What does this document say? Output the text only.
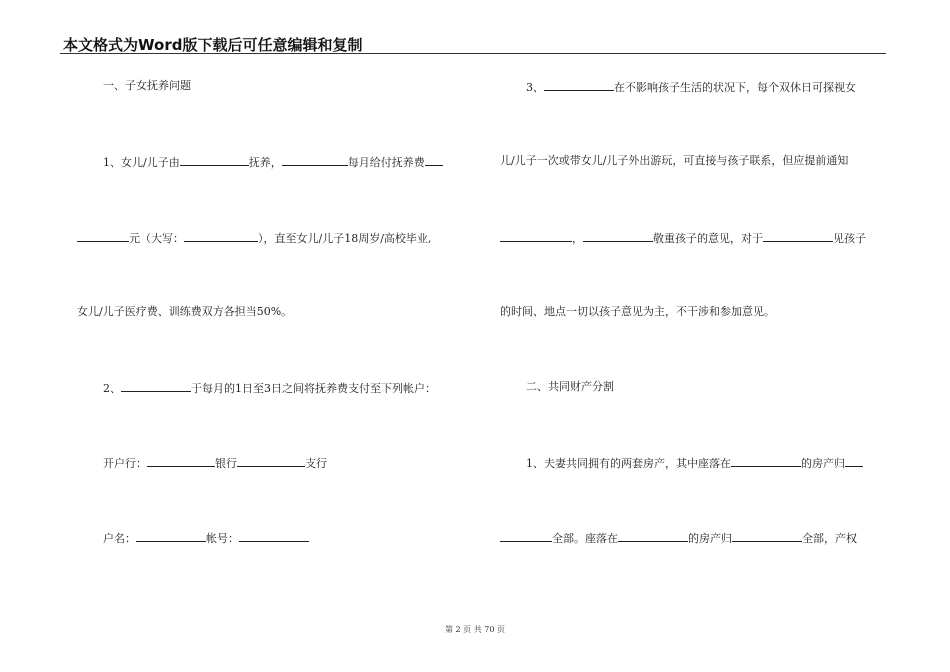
本文格式为Word版下载后可任意编辑和复制
一、子女抚养问题
1、女儿/儿子由	抚养，	每月给付抚养费
元（大写：	），直至女儿/儿子18周岁/高校毕业,
女儿/儿子医疗费、训练费双方各担当50%。
2、	于每月的1日至3日之间将抚养费支付至下列帐户：
开户行：	银行	支行
户名：	帐号：
3、	在不影响孩子生活的状况下，每个双休日可探视女
儿/儿子一次或带女儿/儿子外出游玩，可直接与孩子联系，但应提前通知
，	敬重孩子的意见，对于	见孩子
的时间、地点一切以孩子意见为主，不干涉和参加意见。
二、共同财产分割
1、夫妻共同拥有的两套房产，其中座落在	的房产归
全部。座落在	的房产归	全部，产权
第 2 页 共 70 页
